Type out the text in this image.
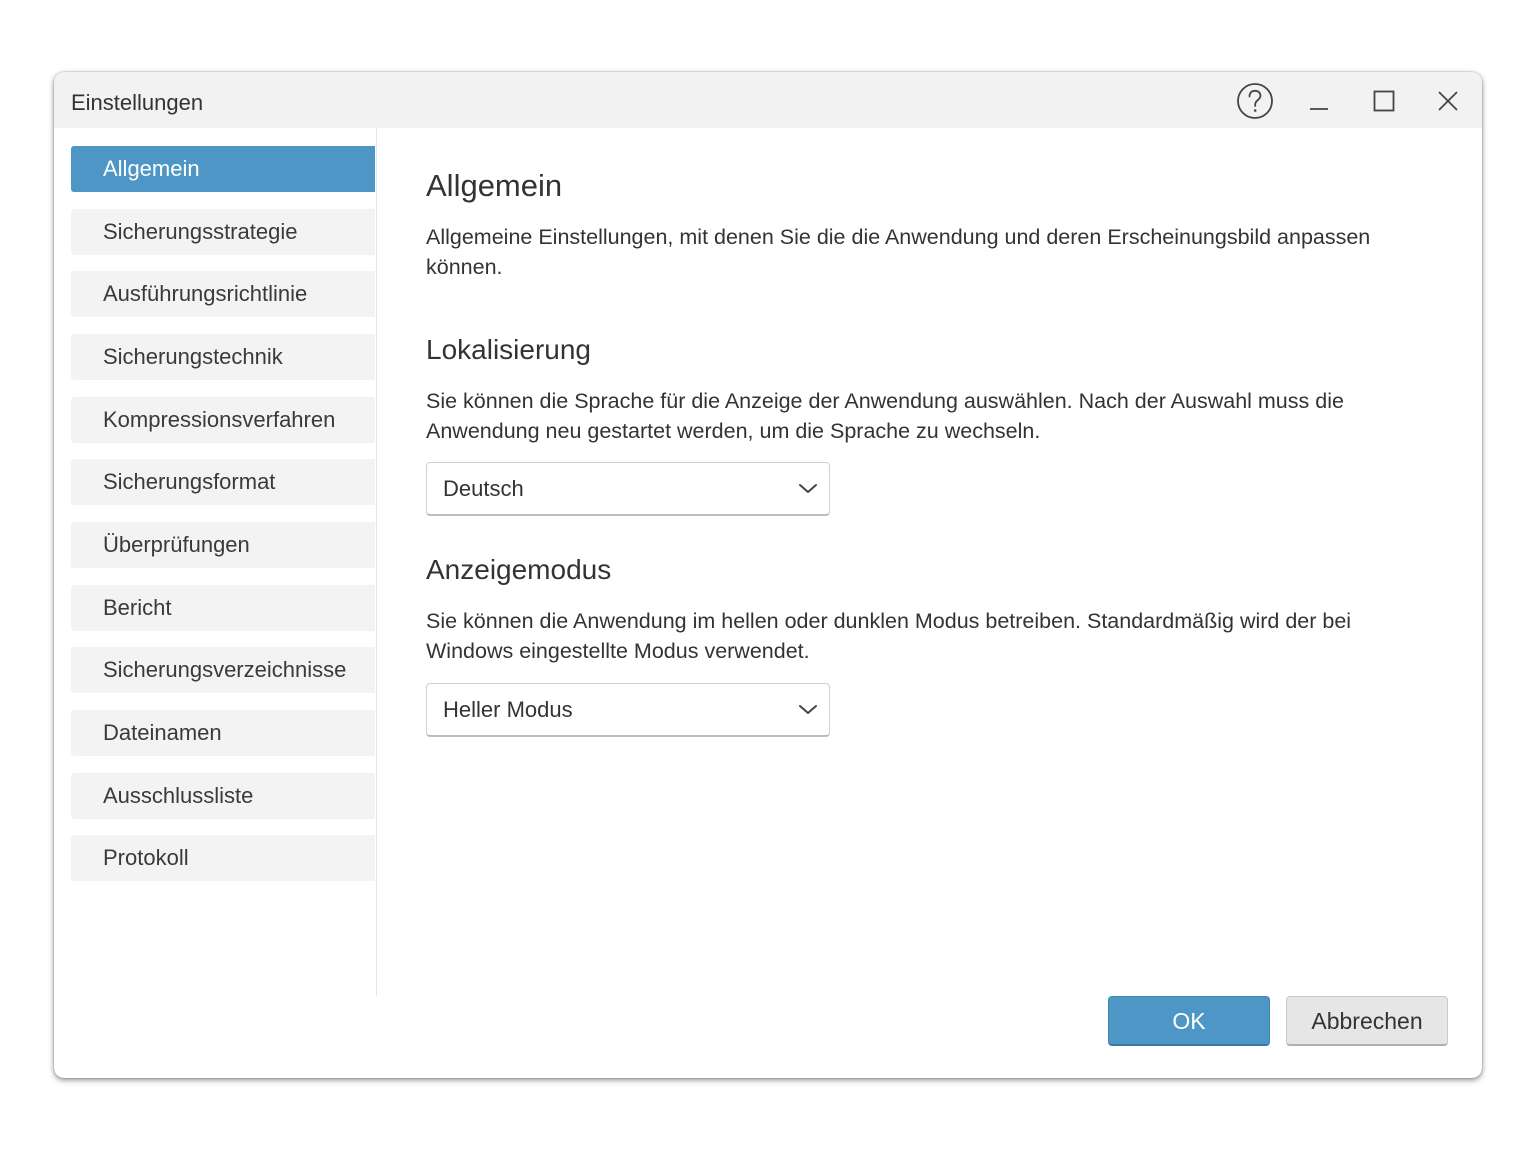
Einstellungen
Allgemein
Sicherungsstrategie
Ausführungsrichtlinie
Sicherungstechnik
Kompressionsverfahren
Sicherungsformat
Überprüfungen
Bericht
Sicherungsverzeichnisse
Dateinamen
Ausschlussliste
Protokoll
Allgemein
Allgemeine Einstellungen, mit denen Sie die die Anwendung und deren Erscheinungsbild anpassen können.
Lokalisierung
Sie können die Sprache für die Anzeige der Anwendung auswählen. Nach der Auswahl muss die Anwendung neu gestartet werden, um die Sprache zu wechseln.
Deutsch
Anzeigemodus
Sie können die Anwendung im hellen oder dunklen Modus betreiben. Standardmäßig wird der bei Windows eingestellte Modus verwendet.
Heller Modus
OK	Abbrechen
